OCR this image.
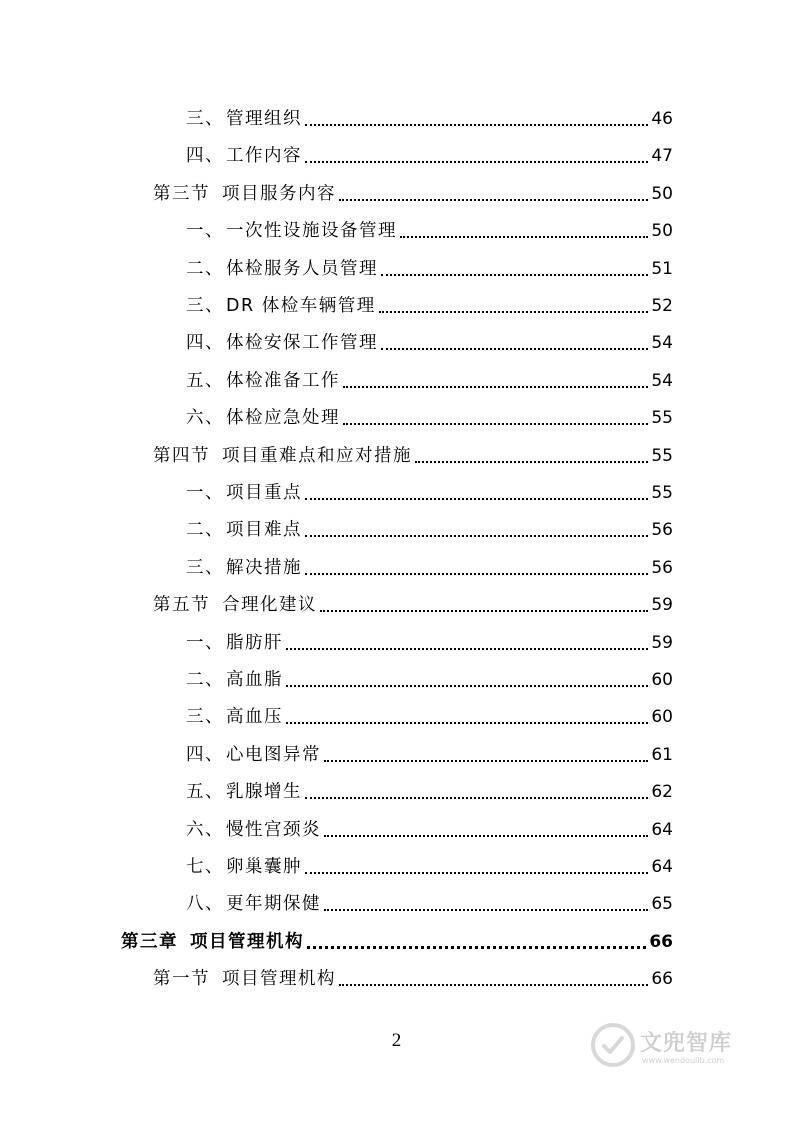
三、 管理组织	46
四、 工作内容	47
第三节 项目服务内容	50
一、 一次性设施设备管理	50
二、 体检服务人员管理	51
三、 DR 体检车辆管理	52
四、 体检安保工作管理	54
五、 体检准备工作	54
六、 体检应急处理	55
第四节 项目重难点和应对措施	55
一、 项目重点	55
二、 项目难点	56
三、 解决措施	56
第五节 合理化建议	59
一、 脂肪肝	59
二、 高血脂	60
三、 高血压	60
四、 心电图异常	61
五、 乳腺增生	62
六、 慢性宫颈炎	64
七、 卵巢囊肿	64
八、 更年期保健	65
第三章 项目管理机构	66
第一节 项目管理机构	66
2	文兜智库
www.wendoulib.com
